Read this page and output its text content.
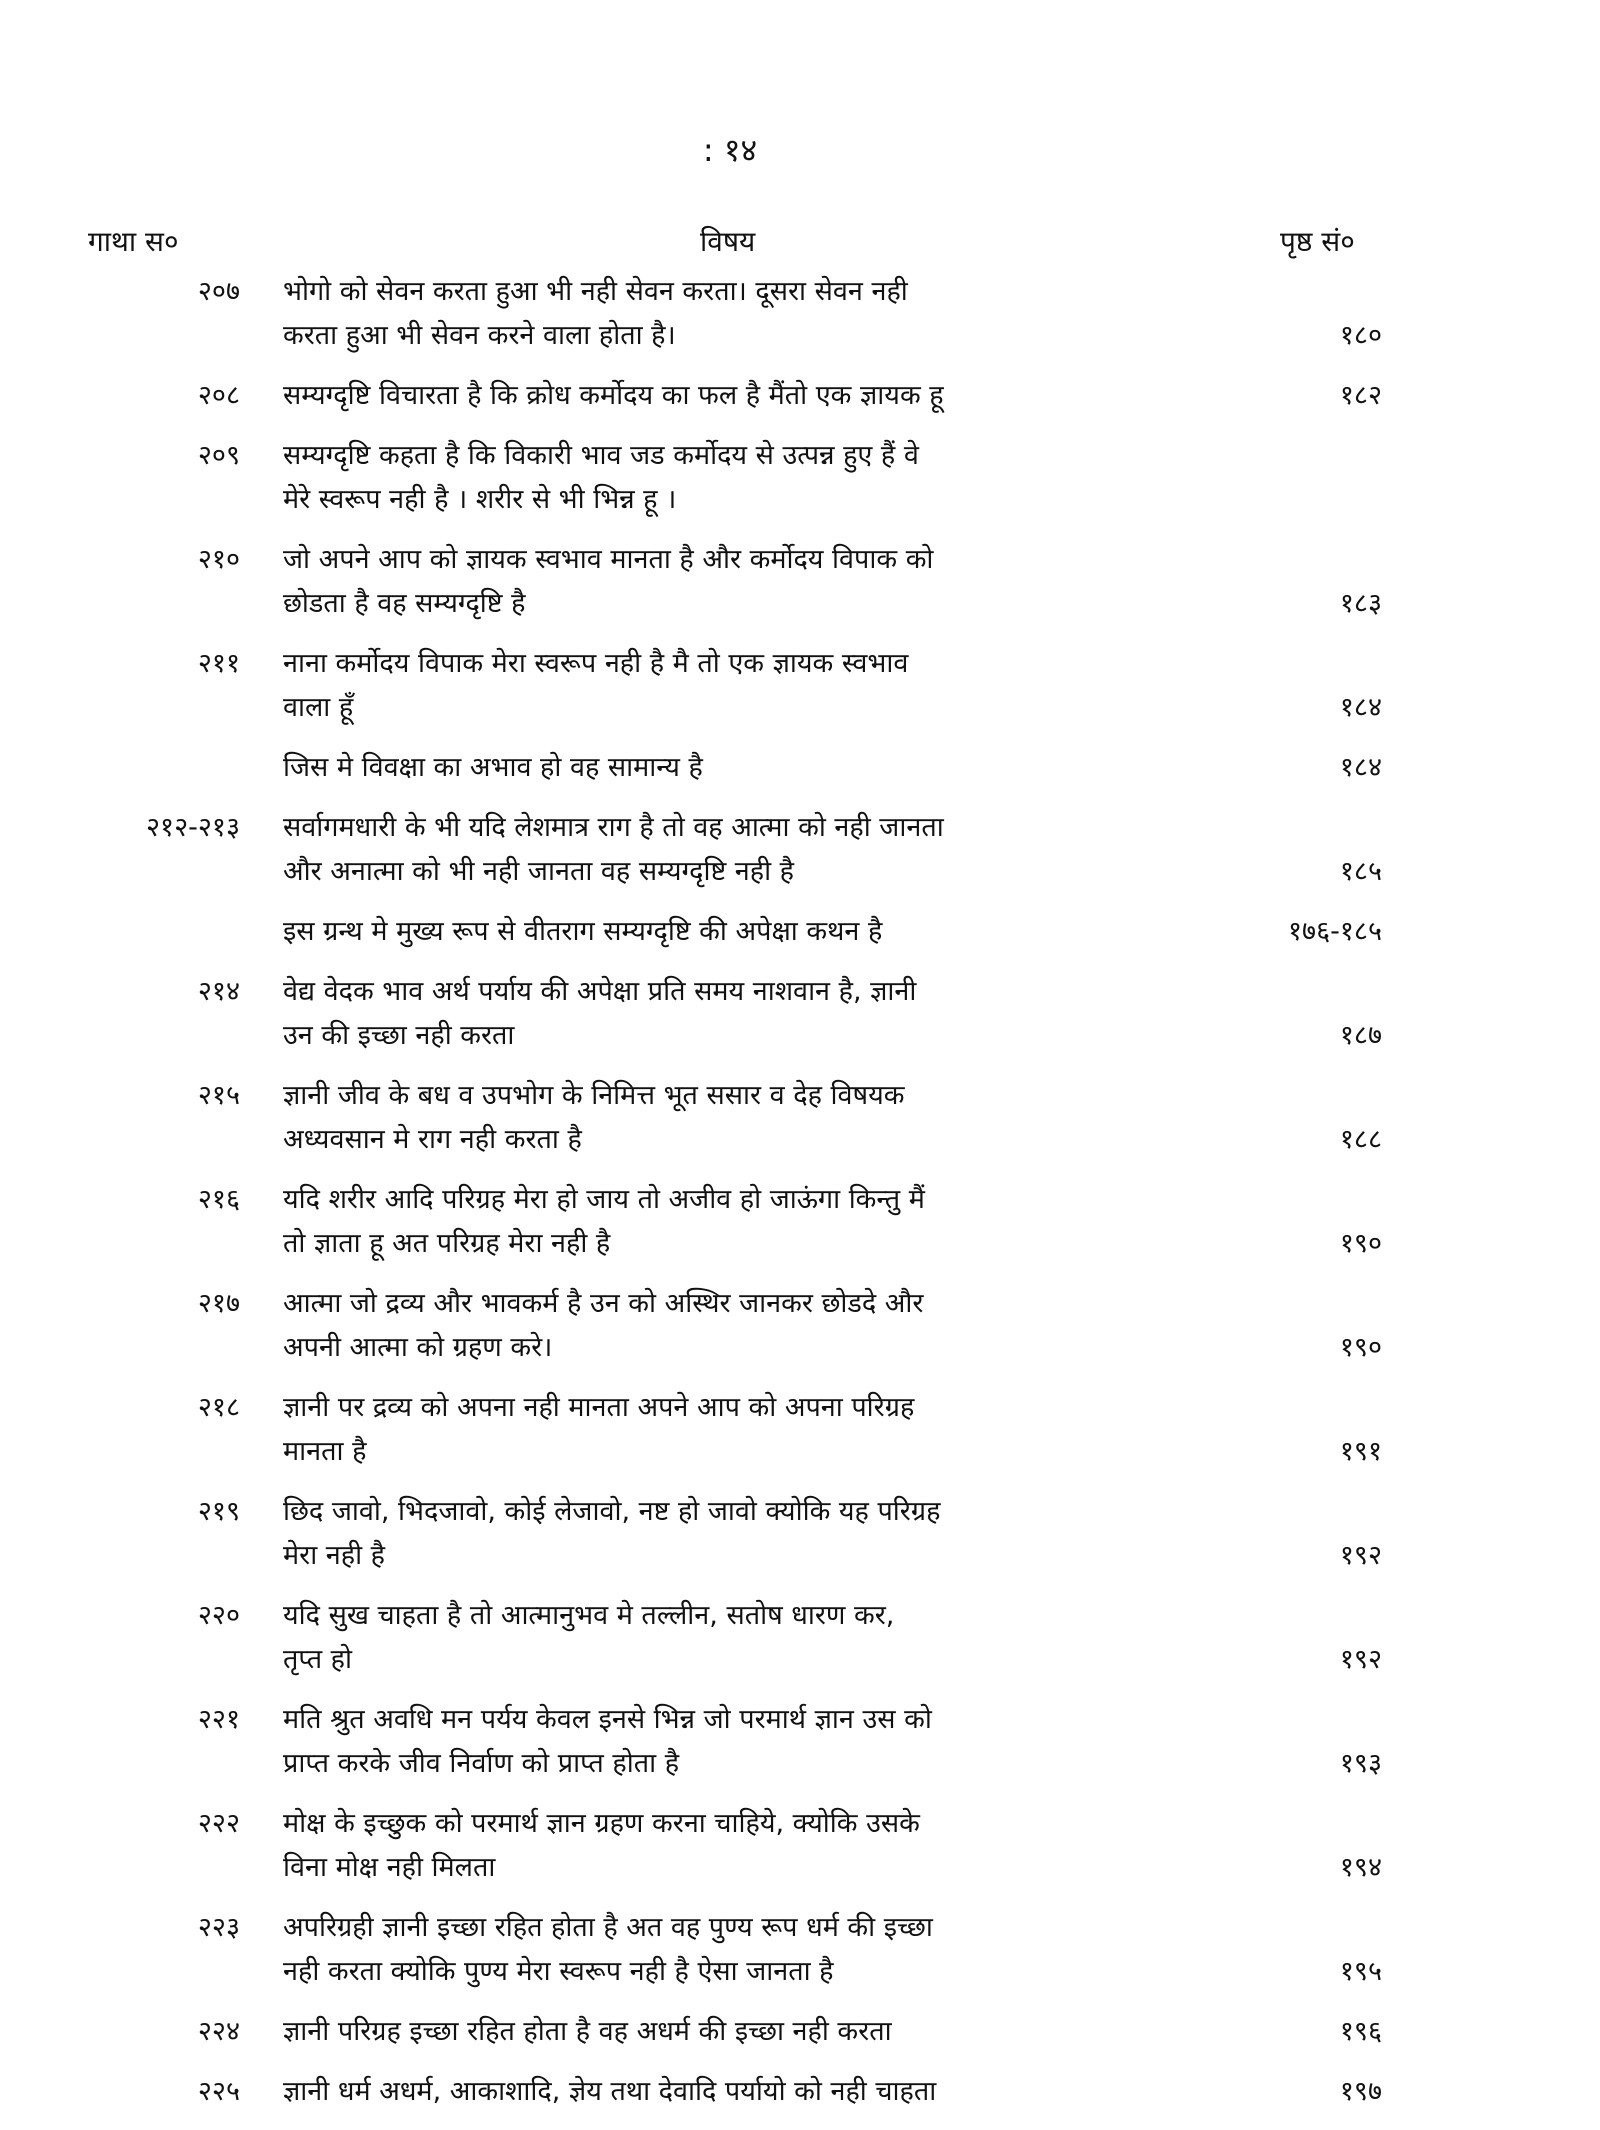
: १४
गाथा स०	विषय	पृष्ठ सं०
२०७ भोगो को सेवन करता हुआ भी नही सेवन करता। दूसरा सेवन नही
करता हुआ भी सेवन करने वाला होता है।	१८०
२०८ सम्यग्दृष्टि विचारता है कि क्रोध कर्मोदय का फल है मैंतो एक ज्ञायक हू	१८२
२०९ सम्यग्दृष्टि कहता है कि विकारी भाव जड कर्मोदय से उत्पन्न हुए हैं वे
मेरे स्वरूप नही है । शरीर से भी भिन्न हू ।
२१० जो अपने आप को ज्ञायक स्वभाव मानता है और कर्मोदय विपाक को
छोडता है वह सम्यग्दृष्टि है	१८३
२११ नाना कर्मोदय विपाक मेरा स्वरूप नही है मै तो एक ज्ञायक स्वभाव
वाला हूँ	१८४
जिस मे विवक्षा का अभाव हो वह सामान्य है	१८४
२१२-२१३ सर्वागमधारी के भी यदि लेशमात्र राग है तो वह आत्मा को नही जानता
और अनात्मा को भी नही जानता वह सम्यग्दृष्टि नही है	१८५
इस ग्रन्थ मे मुख्य रूप से वीतराग सम्यग्दृष्टि की अपेक्षा कथन है	१७६-१८५
२१४ वेद्य वेदक भाव अर्थ पर्याय की अपेक्षा प्रति समय नाशवान है, ज्ञानी
उन की इच्छा नही करता	१८७
२१५ ज्ञानी जीव के बध व उपभोग के निमित्त भूत ससार व देह विषयक
अध्यवसान मे राग नही करता है	१८८
२१६ यदि शरीर आदि परिग्रह मेरा हो जाय तो अजीव हो जाऊंगा किन्तु मैं
तो ज्ञाता हू अत परिग्रह मेरा नही है	१९०
२१७ आत्मा जो द्रव्य और भावकर्म है उन को अस्थिर जानकर छोडदे और
अपनी आत्मा को ग्रहण करे।	१९०
२१८ ज्ञानी पर द्रव्य को अपना नही मानता अपने आप को अपना परिग्रह
मानता है	१९१
२१९ छिद जावो, भिदजावो, कोई लेजावो, नष्ट हो जावो क्योकि यह परिग्रह
मेरा नही है	१९२
२२० यदि सुख चाहता है तो आत्मानुभव मे तल्लीन, सतोष धारण कर,
तृप्त हो	१९२
२२१ मति श्रुत अवधि मन पर्यय केवल इनसे भिन्न जो परमार्थ ज्ञान उस को
प्राप्त करके जीव निर्वाण को प्राप्त होता है	१९३
२२२ मोक्ष के इच्छुक को परमार्थ ज्ञान ग्रहण करना चाहिये, क्योकि उसके
विना मोक्ष नही मिलता	१९४
२२३ अपरिग्रही ज्ञानी इच्छा रहित होता है अत वह पुण्य रूप धर्म की इच्छा
नही करता क्योकि पुण्य मेरा स्वरूप नही है ऐसा जानता है	१९५
२२४ ज्ञानी परिग्रह इच्छा रहित होता है वह अधर्म की इच्छा नही करता	१९६
२२५ ज्ञानी धर्म अधर्म, आकाशादि, ज्ञेय तथा देवादि पर्यायो को नही चाहता	१९७
